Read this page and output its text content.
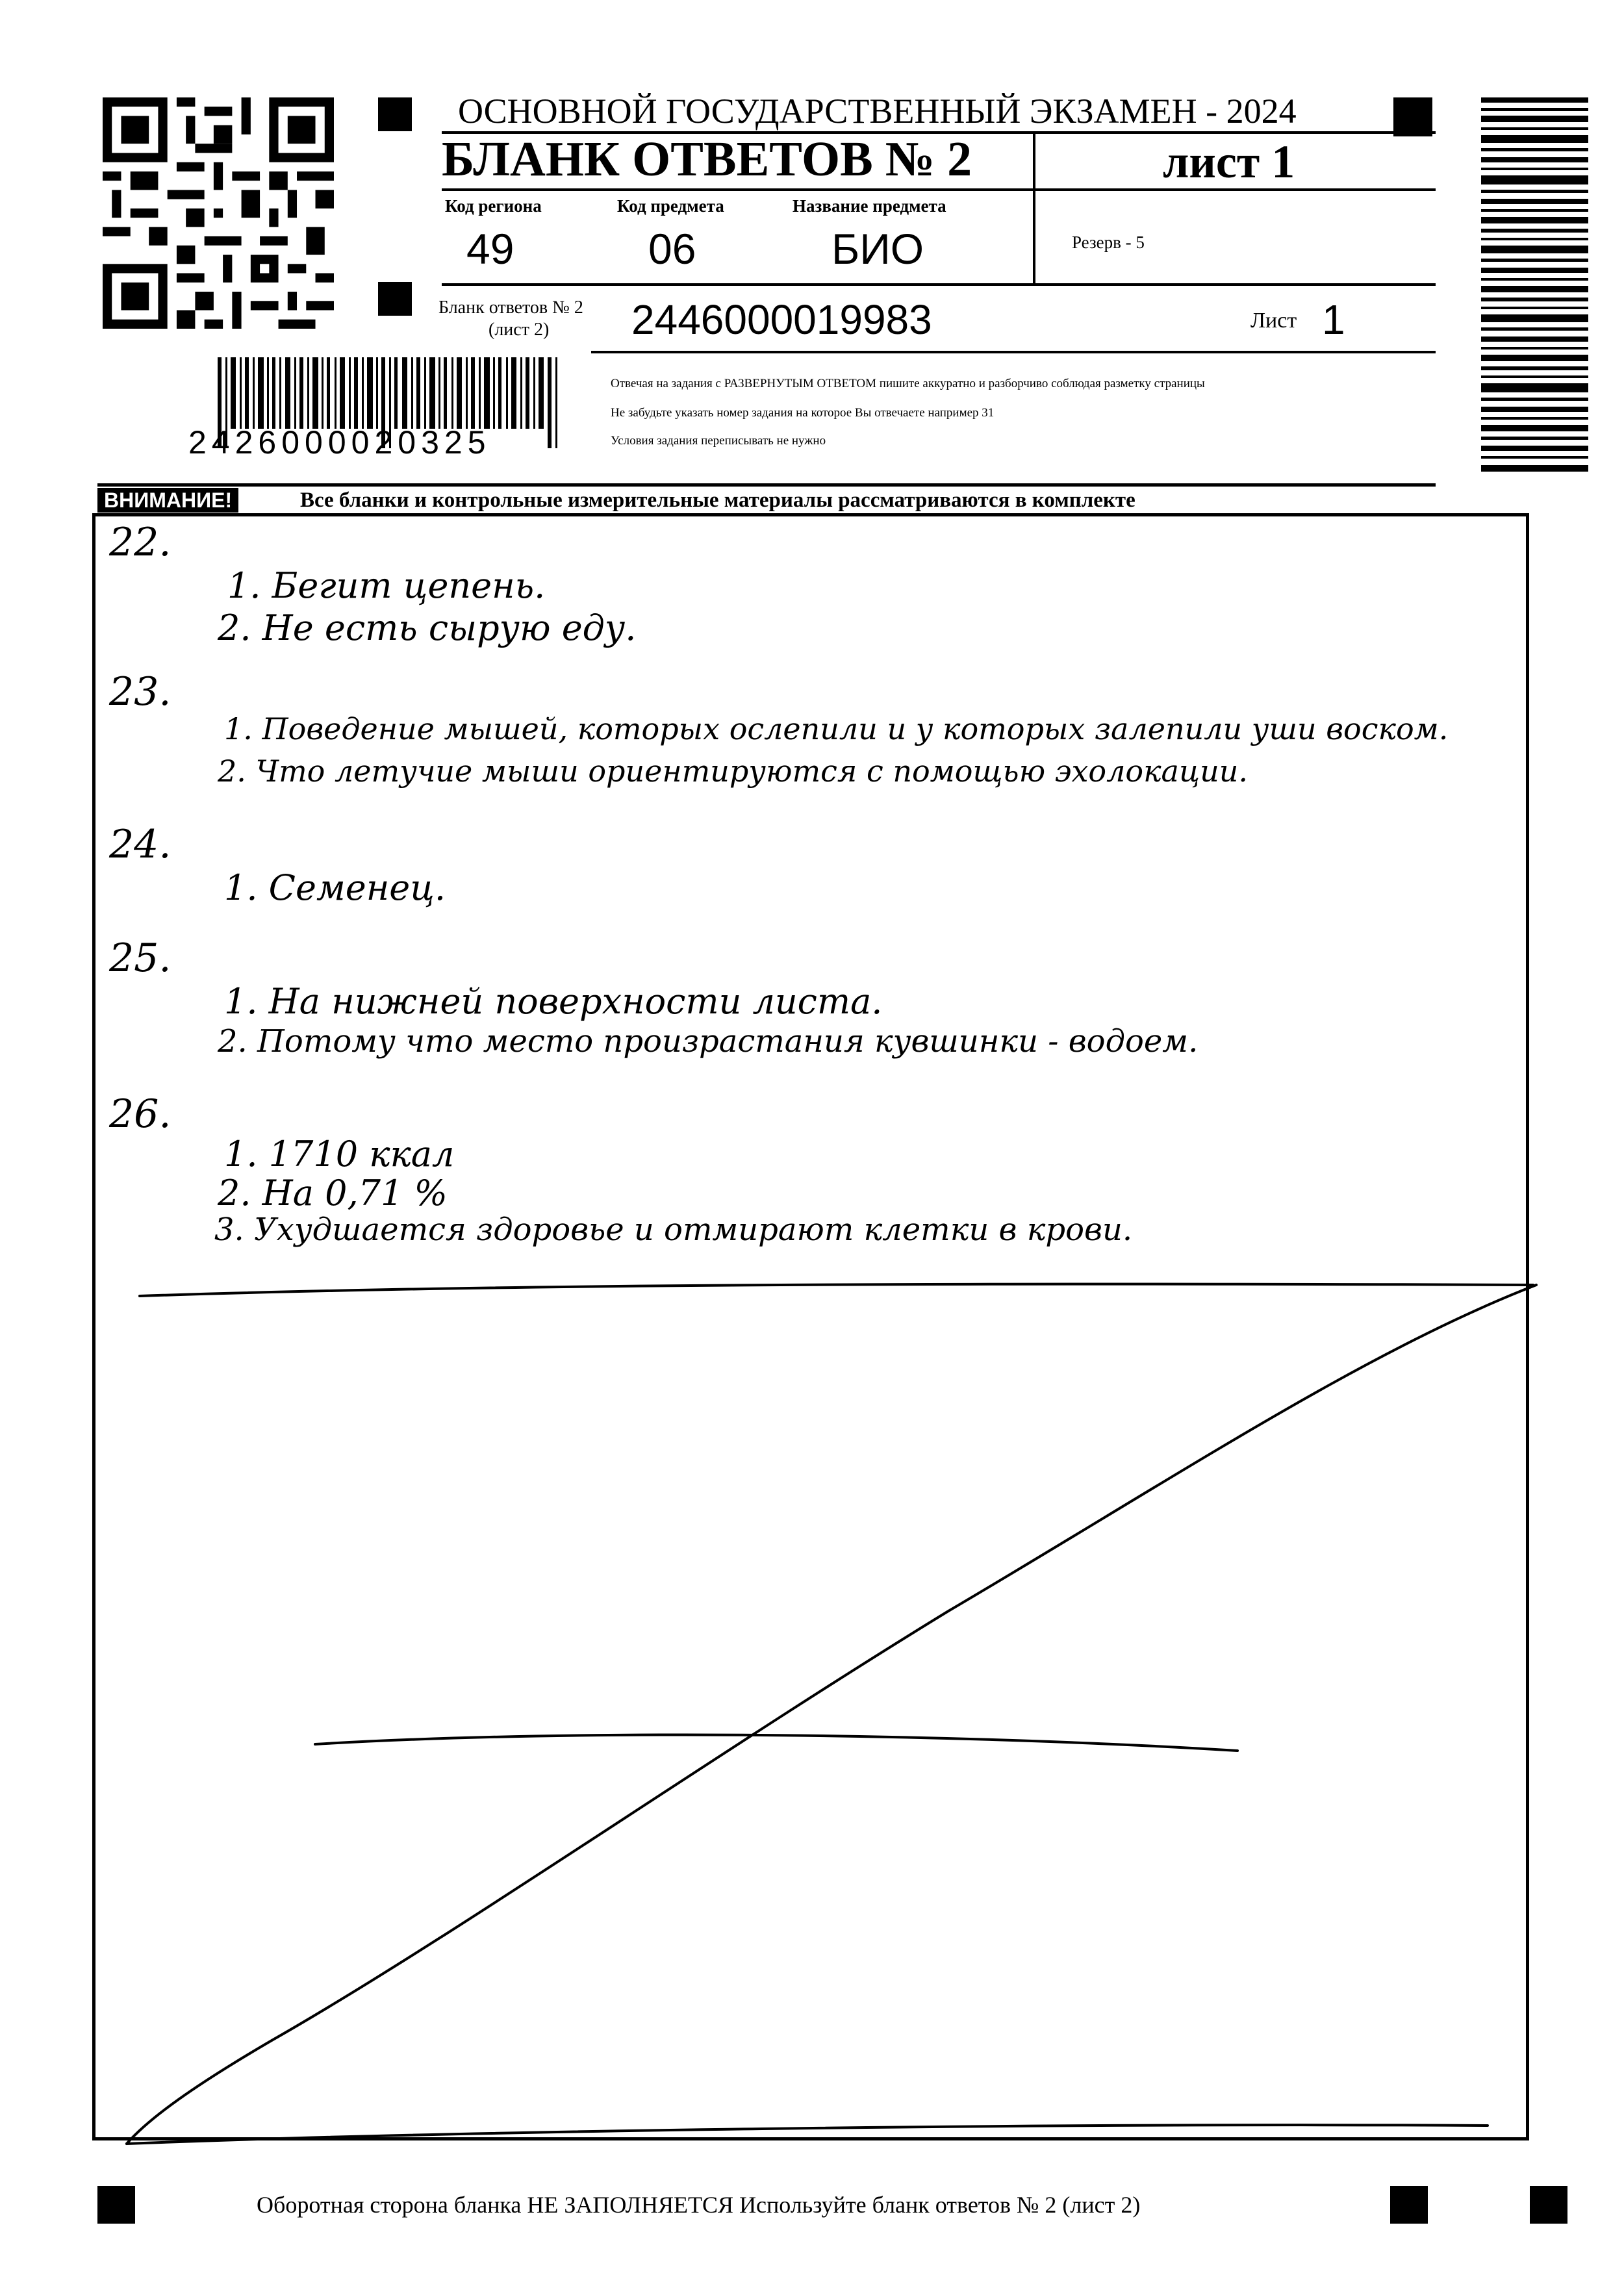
ОСНОВНОЙ ГОСУДАРСТВЕННЫЙ ЭКЗАМЕН - 2024
БЛАНК ОТВЕТОВ № 2	лист 1
Код региона
49
Код предмета
06
Название предмета
БИО	Резерв - 5
Бланк ответов № 2
(лист 2) 2446000019983	Лист 1
Отвечая на задания с РАЗВЕРНУТЫМ ОТВЕТОМ пишите аккуратно и разборчиво соблюдая разметку страницы
Не забудьте указать номер задания на которое Вы отвечаете например 31
Условия задания переписывать не нужно
2426000020325
ВНИМАНИЕ!	Все бланки и контрольные измерительные материалы рассматриваются в комплекте
22.
1. Бегит цепень.
2. Не есть сырую еду.
23.
1. Поведение мышей, которых ослепили и у которых залепили уши воском.
2. Что летучие мыши ориентируются с помощью эхолокации.
24.
1. Семенец.
25.
1. На нижней поверхности листа.
2. Потому что место произрастания кувшинки - водоем.
26.
1. 1710 ккал
2. На 0,71 %
3. Ухудшается здоровье и отмирают клетки в крови.
Оборотная сторона бланка НЕ ЗАПОЛНЯЕТСЯ Используйте бланк ответов № 2 (лист 2)
